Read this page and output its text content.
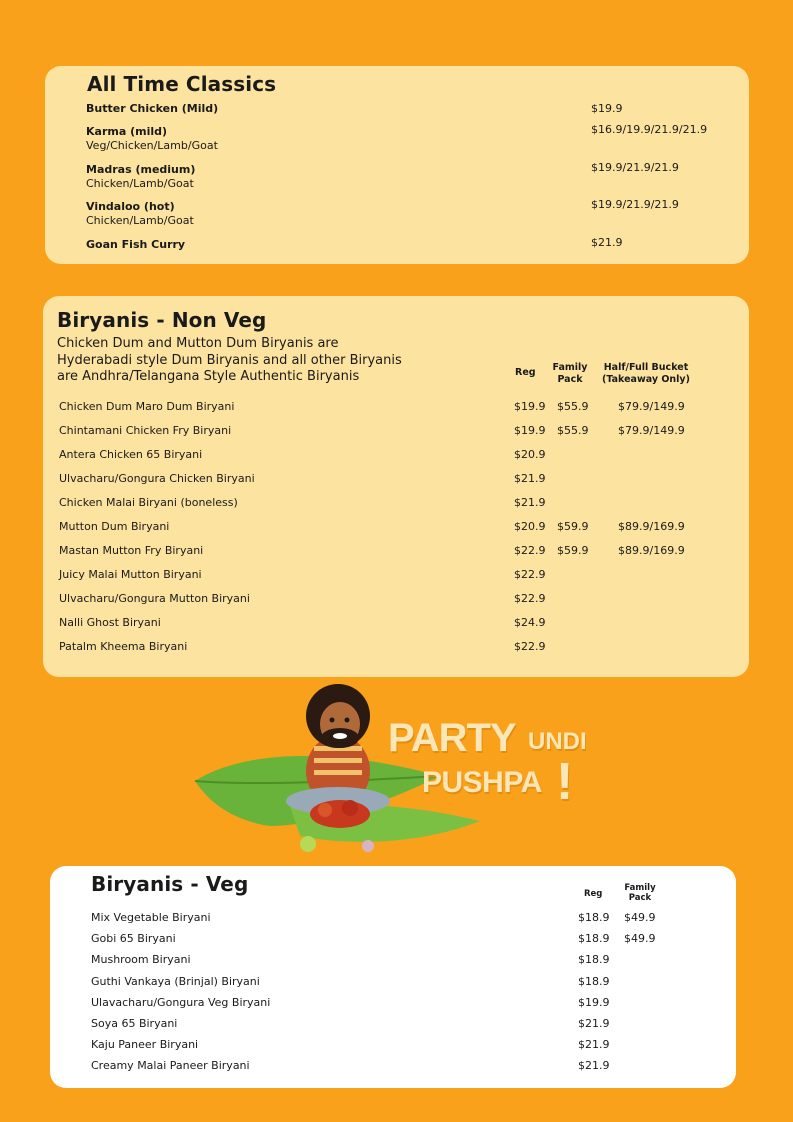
All Time Classics
Butter Chicken (Mild)	$19.9
Karma (mild)
Veg/Chicken/Lamb/Goat
$16.9/19.9/21.9/21.9
Madras (medium)
Chicken/Lamb/Goat
$19.9/21.9/21.9
Vindaloo (hot)
Chicken/Lamb/Goat
$19.9/21.9/21.9
Goan Fish Curry	$21.9
Biryanis - Non Veg
Chicken Dum and Mutton Dum Biryanis are
Hyderabadi style Dum Biryanis and all other Biryanis
are Andhra/Telangana Style Authentic Biryanis	Reg	Family
Pack
Half/Full Bucket
(Takeaway Only)
Chicken Dum Maro Dum Biryani	$19.9 $55.9	$79.9/149.9
Chintamani Chicken Fry Biryani	$19.9 $55.9	$79.9/149.9
Antera Chicken 65 Biryani	$20.9
Ulvacharu/Gongura Chicken Biryani	$21.9
Chicken Malai Biryani (boneless)	$21.9
Mutton Dum Biryani	$20.9 $59.9	$89.9/169.9
Mastan Mutton Fry Biryani	$22.9 $59.9	$89.9/169.9
Juicy Malai Mutton Biryani	$22.9
Ulvacharu/Gongura Mutton Biryani	$22.9
Nalli Ghost Biryani	$24.9
Patalm Kheema Biryani	$22.9
PARTY UNDI
PUSHPA !
Biryanis - Veg	Reg
Family
Pack
Mix Vegetable Biryani	$18.9 $49.9
Gobi 65 Biryani	$18.9 $49.9
Mushroom Biryani	$18.9
Guthi Vankaya (Brinjal) Biryani	$18.9
Ulavacharu/Gongura Veg Biryani	$19.9
Soya 65 Biryani	$21.9
Kaju Paneer Biryani	$21.9
Creamy Malai Paneer Biryani	$21.9
